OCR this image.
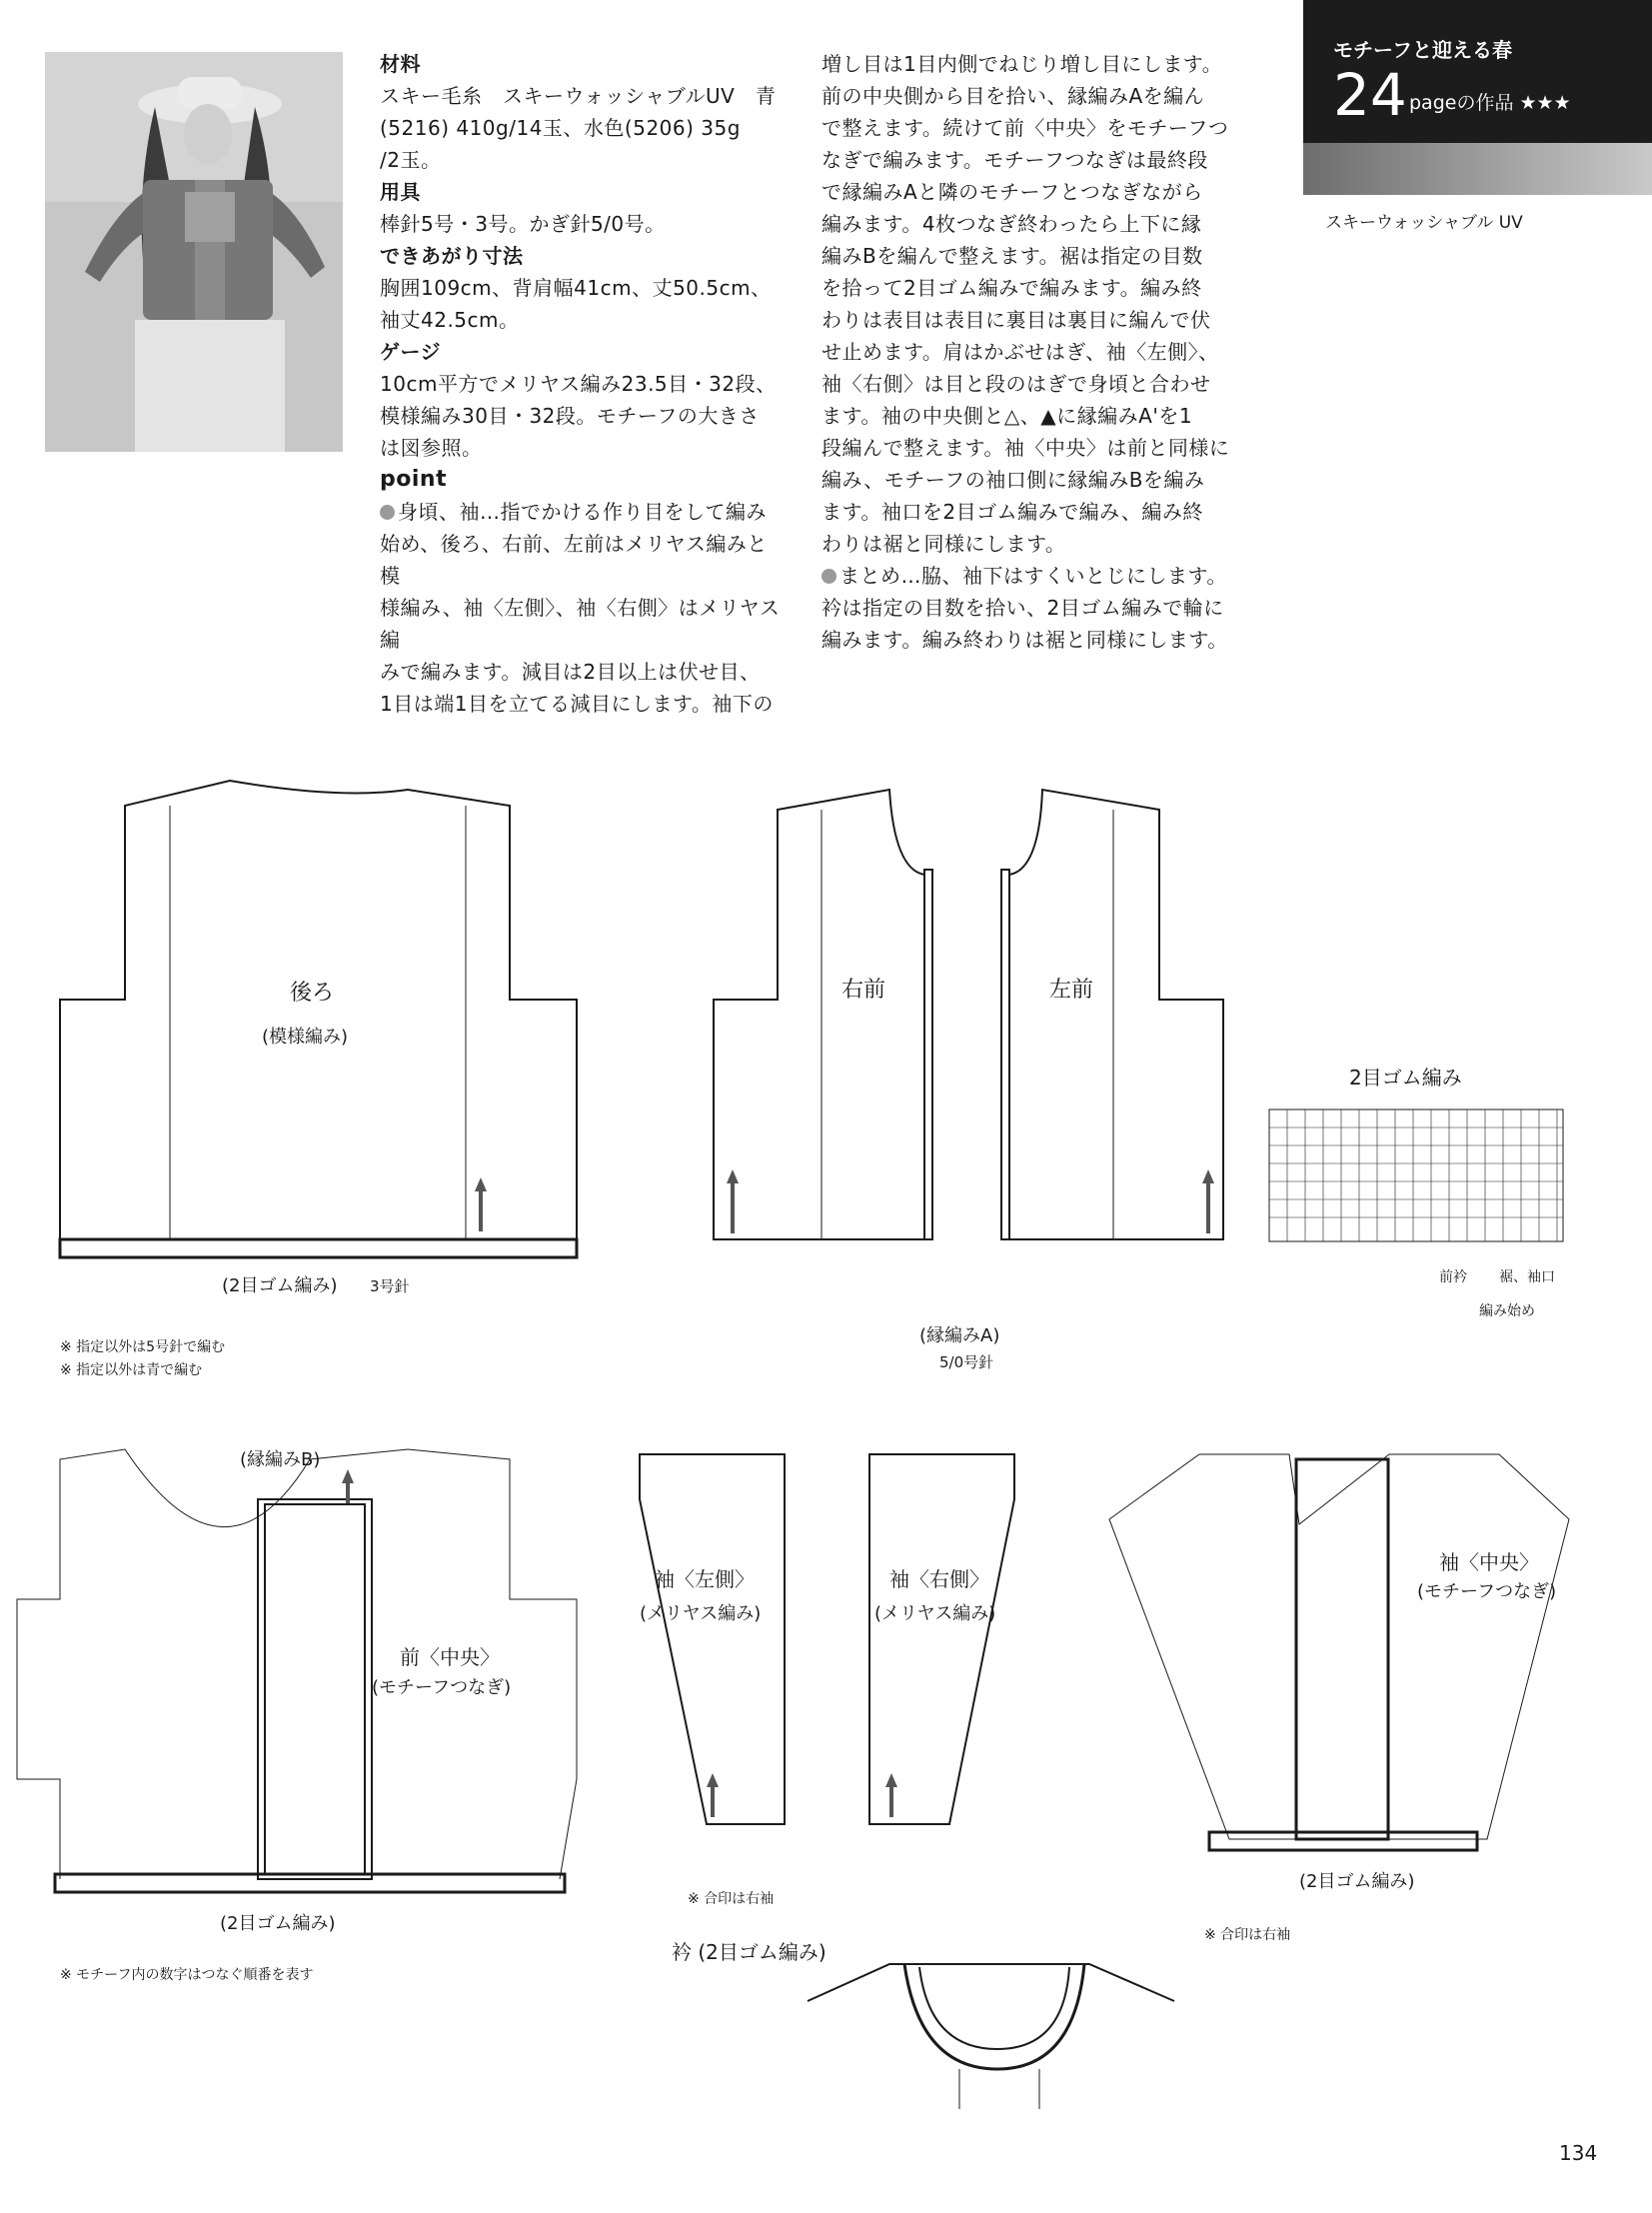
材料
スキー毛糸　スキーウォッシャブルUV　青
(5216) 410g/14玉、水色(5206) 35g
/2玉。
用具
棒針5号・3号。かぎ針5/0号。
できあがり寸法
胸囲109cm、背肩幅41cm、丈50.5cm、
袖丈42.5cm。
ゲージ
10cm平方でメリヤス編み23.5目・32段、
模様編み30目・32段。モチーフの大きさ
は図参照。
point
身頃、袖…指でかける作り目をして編み
始め、後ろ、右前、左前はメリヤス編みと模
様編み、袖〈左側〉、袖〈右側〉はメリヤス編
みで編みます。減目は2目以上は伏せ目、
1目は端1目を立てる減目にします。袖下の
増し目は1目内側でねじり増し目にします。
前の中央側から目を拾い、縁編みAを編ん
で整えます。続けて前〈中央〉をモチーフつ
なぎで編みます。モチーフつなぎは最終段
で縁編みAと隣のモチーフとつなぎながら
編みます。4枚つなぎ終わったら上下に縁
編みBを編んで整えます。裾は指定の目数
を拾って2目ゴム編みで編みます。編み終
わりは表目は表目に裏目は裏目に編んで伏
せ止めます。肩はかぶせはぎ、袖〈左側〉、
袖〈右側〉は目と段のはぎで身頃と合わせ
ます。袖の中央側と△、▲に縁編みA'を1
段編んで整えます。袖〈中央〉は前と同様に
編み、モチーフの袖口側に縁編みBを編み
ます。袖口を2目ゴム編みで編み、編み終
わりは裾と同様にします。
まとめ…脇、袖下はすくいとじにします。
衿は指定の目数を拾い、2目ゴム編みで輪に
編みます。編み終わりは裾と同様にします。
モチーフと迎える春
24 pageの作品 ★★★
スキーウォッシャブル UV
後ろ
(模様編み)
右前	左前
2目ゴム編み
(2目ゴム編み) 3号針
(縁編みA)
5/0号針
※ 指定以外は5号針で編む
※ 指定以外は青で編む
(縁編みB)
前〈中央〉
(モチーフつなぎ)
(2目ゴム編み)
※ モチーフ内の数字はつなぐ順番を表す
袖〈左側〉
(メリヤス編み)
袖〈右側〉
(メリヤス編み)
※ 合印は右袖
袖〈中央〉
(モチーフつなぎ)
(2目ゴム編み)
※ 合印は右袖
衿 (2目ゴム編み)
前衿 裾、袖口
編み始め
134
